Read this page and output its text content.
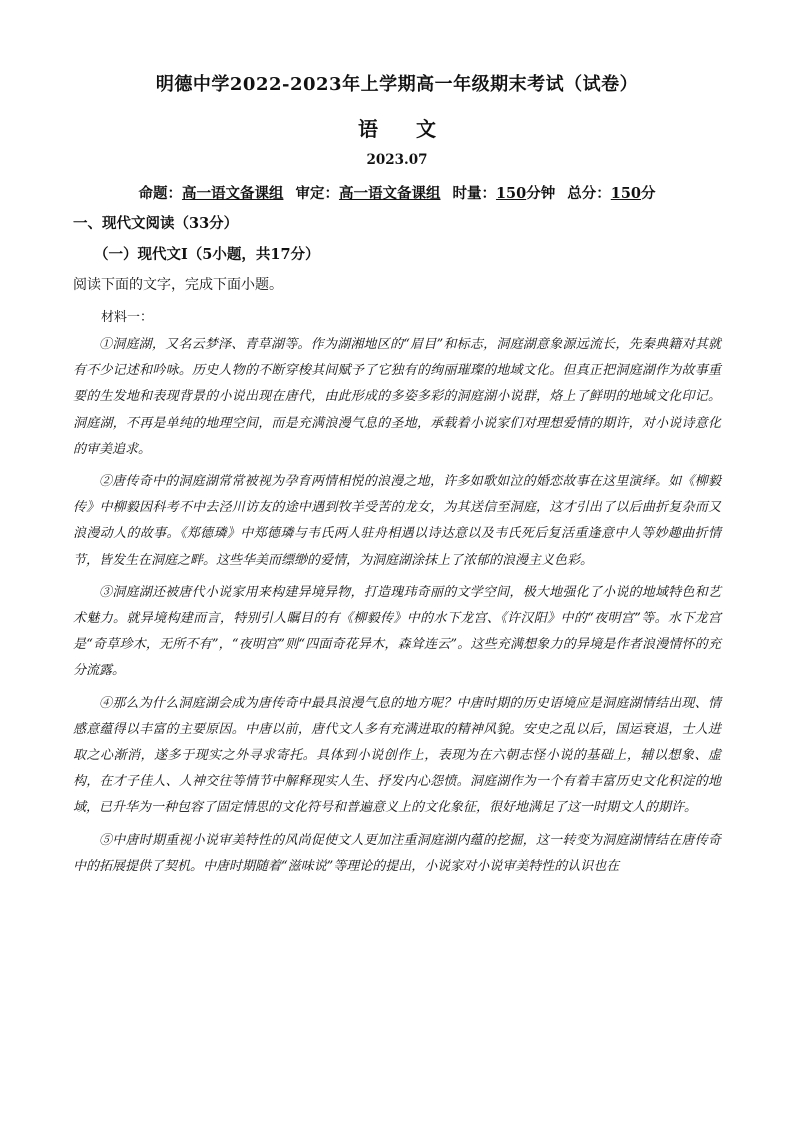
明德中学2022-2023年上学期高一年级期末考试（试卷）
语 文
2023.07
命题：高一语文备课组 审定：高一语文备课组 时量：150分钟 总分：150分
一、现代文阅读（33分）
（一）现代文Ⅰ（5小题，共17分）
阅读下面的文字，完成下面小题。
材料一：

①洞庭湖，又名云梦泽、青草湖等。作为湖湘地区的“眉目”和标志，洞庭湖意象源远流长，先秦典籍对其就有不少记述和吟咏。历史人物的不断穿梭其间赋予了它独有的绚丽璀璨的地域文化。但真正把洞庭湖作为故事重要的生发地和表现背景的小说出现在唐代，由此形成的多姿多彩的洞庭湖小说群，烙上了鲜明的地域文化印记。洞庭湖，不再是单纯的地理空间，而是充满浪漫气息的圣地，承载着小说家们对理想爱情的期许，对小说诗意化的审美追求。

②唐传奇中的洞庭湖常常被视为孕育两情相悦的浪漫之地，许多如歌如泣的婚恋故事在这里演绎。如《柳毅传》中柳毅因科考不中去泾川访友的途中遇到牧羊受苦的龙女，为其送信至洞庭，这才引出了以后曲折复杂而又浪漫动人的故事。《郑德璘》中郑德璘与韦氏两人驻舟相遇以诗达意以及韦氏死后复活重逢意中人等妙趣曲折情节，皆发生在洞庭之畔。这些华美而缥缈的爱情，为洞庭湖涂抹上了浓郁的浪漫主义色彩。

③洞庭湖还被唐代小说家用来构建异境异物，打造瑰玮奇丽的文学空间，极大地强化了小说的地域特色和艺术魅力。就异境构建而言，特别引人瞩目的有《柳毅传》中的水下龙宫、《许汉阳》中的“夜明宫”等。水下龙宫是“奇草珍木，无所不有”，“夜明宫”则“四面奇花异木，森耸连云”。这些充满想象力的异境是作者浪漫情怀的充分流露。

④那么为什么洞庭湖会成为唐传奇中最具浪漫气息的地方呢？中唐时期的历史语境应是洞庭湖情结出现、情感意蕴得以丰富的主要原因。中唐以前，唐代文人多有充满进取的精神风貌。安史之乱以后，国运衰退，士人进取之心渐消，遂多于现实之外寻求寄托。具体到小说创作上，表现为在六朝志怪小说的基础上，辅以想象、虚构，在才子佳人、人神交往等情节中解释现实人生、抒发内心怨愤。洞庭湖作为一个有着丰富历史文化积淀的地域，已升华为一种包容了固定情思的文化符号和普遍意义上的文化象征，很好地满足了这一时期文人的期许。

⑤中唐时期重视小说审美特性的风尚促使文人更加注重洞庭湖内蕴的挖掘，这一转变为洞庭湖情结在唐传奇中的拓展提供了契机。中唐时期随着“滋味说”等理论的提出，小说家对小说审美特性的认识也在
